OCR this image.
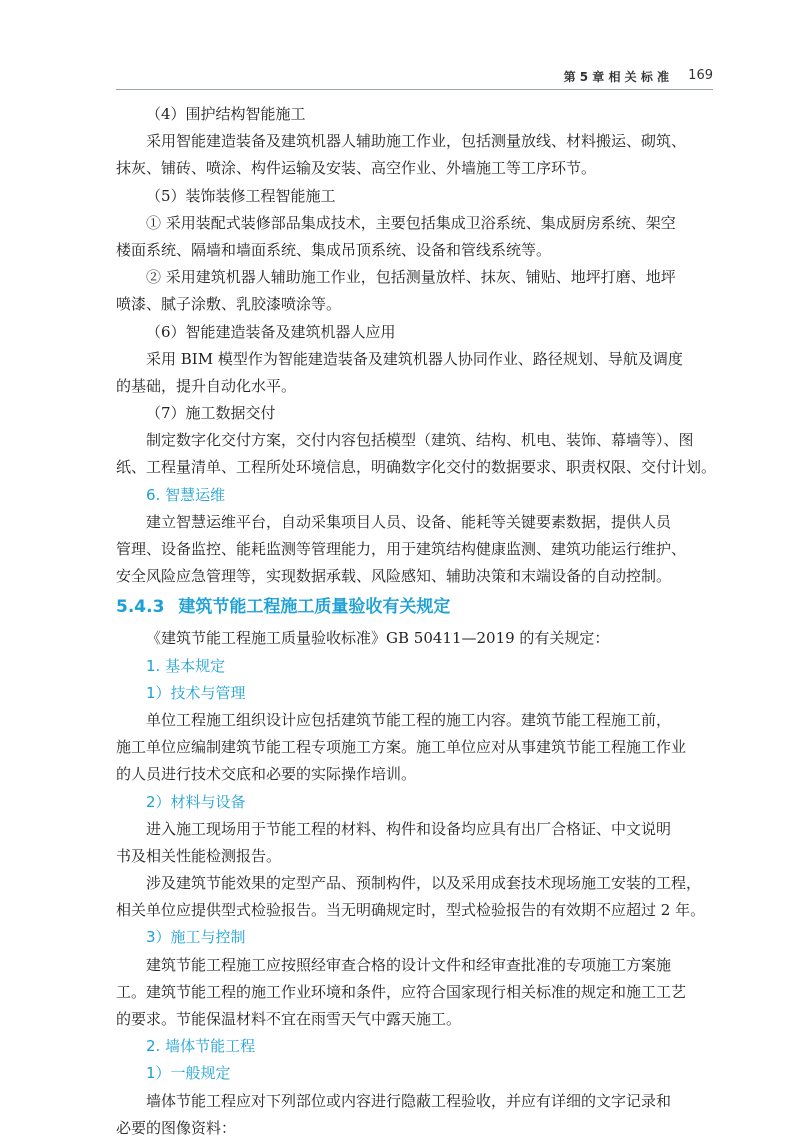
第 5 章 相 关 标 准 169
（4）围护结构智能施工
采用智能建造装备及建筑机器人辅助施工作业，包括测量放线、材料搬运、砌筑、
抹灰、铺砖、喷涂、构件运输及安装、高空作业、外墙施工等工序环节。
（5）装饰装修工程智能施工
① 采用装配式装修部品集成技术，主要包括集成卫浴系统、集成厨房系统、架空
楼面系统、隔墙和墙面系统、集成吊顶系统、设备和管线系统等。
② 采用建筑机器人辅助施工作业，包括测量放样、抹灰、铺贴、地坪打磨、地坪
喷漆、腻子涂敷、乳胶漆喷涂等。
（6）智能建造装备及建筑机器人应用
采用 BIM 模型作为智能建造装备及建筑机器人协同作业、路径规划、导航及调度
的基础，提升自动化水平。
（7）施工数据交付
制定数字化交付方案，交付内容包括模型（建筑、结构、机电、装饰、幕墙等）、图
纸、工程量清单、工程所处环境信息，明确数字化交付的数据要求、职责权限、交付计划。
6. 智慧运维
建立智慧运维平台，自动采集项目人员、设备、能耗等关键要素数据，提供人员
管理、设备监控、能耗监测等管理能力，用于建筑结构健康监测、建筑功能运行维护、
安全风险应急管理等，实现数据承载、风险感知、辅助决策和末端设备的自动控制。
5.4.3 建筑节能工程施工质量验收有关规定
《建筑节能工程施工质量验收标准》GB 50411—2019 的有关规定：
1. 基本规定
1）技术与管理
单位工程施工组织设计应包括建筑节能工程的施工内容。建筑节能工程施工前，
施工单位应编制建筑节能工程专项施工方案。施工单位应对从事建筑节能工程施工作业
的人员进行技术交底和必要的实际操作培训。
2）材料与设备
进入施工现场用于节能工程的材料、构件和设备均应具有出厂合格证、中文说明
书及相关性能检测报告。
涉及建筑节能效果的定型产品、预制构件，以及采用成套技术现场施工安装的工程，
相关单位应提供型式检验报告。当无明确规定时，型式检验报告的有效期不应超过 2 年。
3）施工与控制
建筑节能工程施工应按照经审查合格的设计文件和经审查批准的专项施工方案施
工。建筑节能工程的施工作业环境和条件，应符合国家现行相关标准的规定和施工工艺
的要求。节能保温材料不宜在雨雪天气中露天施工。
2. 墙体节能工程
1）一般规定
墙体节能工程应对下列部位或内容进行隐蔽工程验收，并应有详细的文字记录和
必要的图像资料：
